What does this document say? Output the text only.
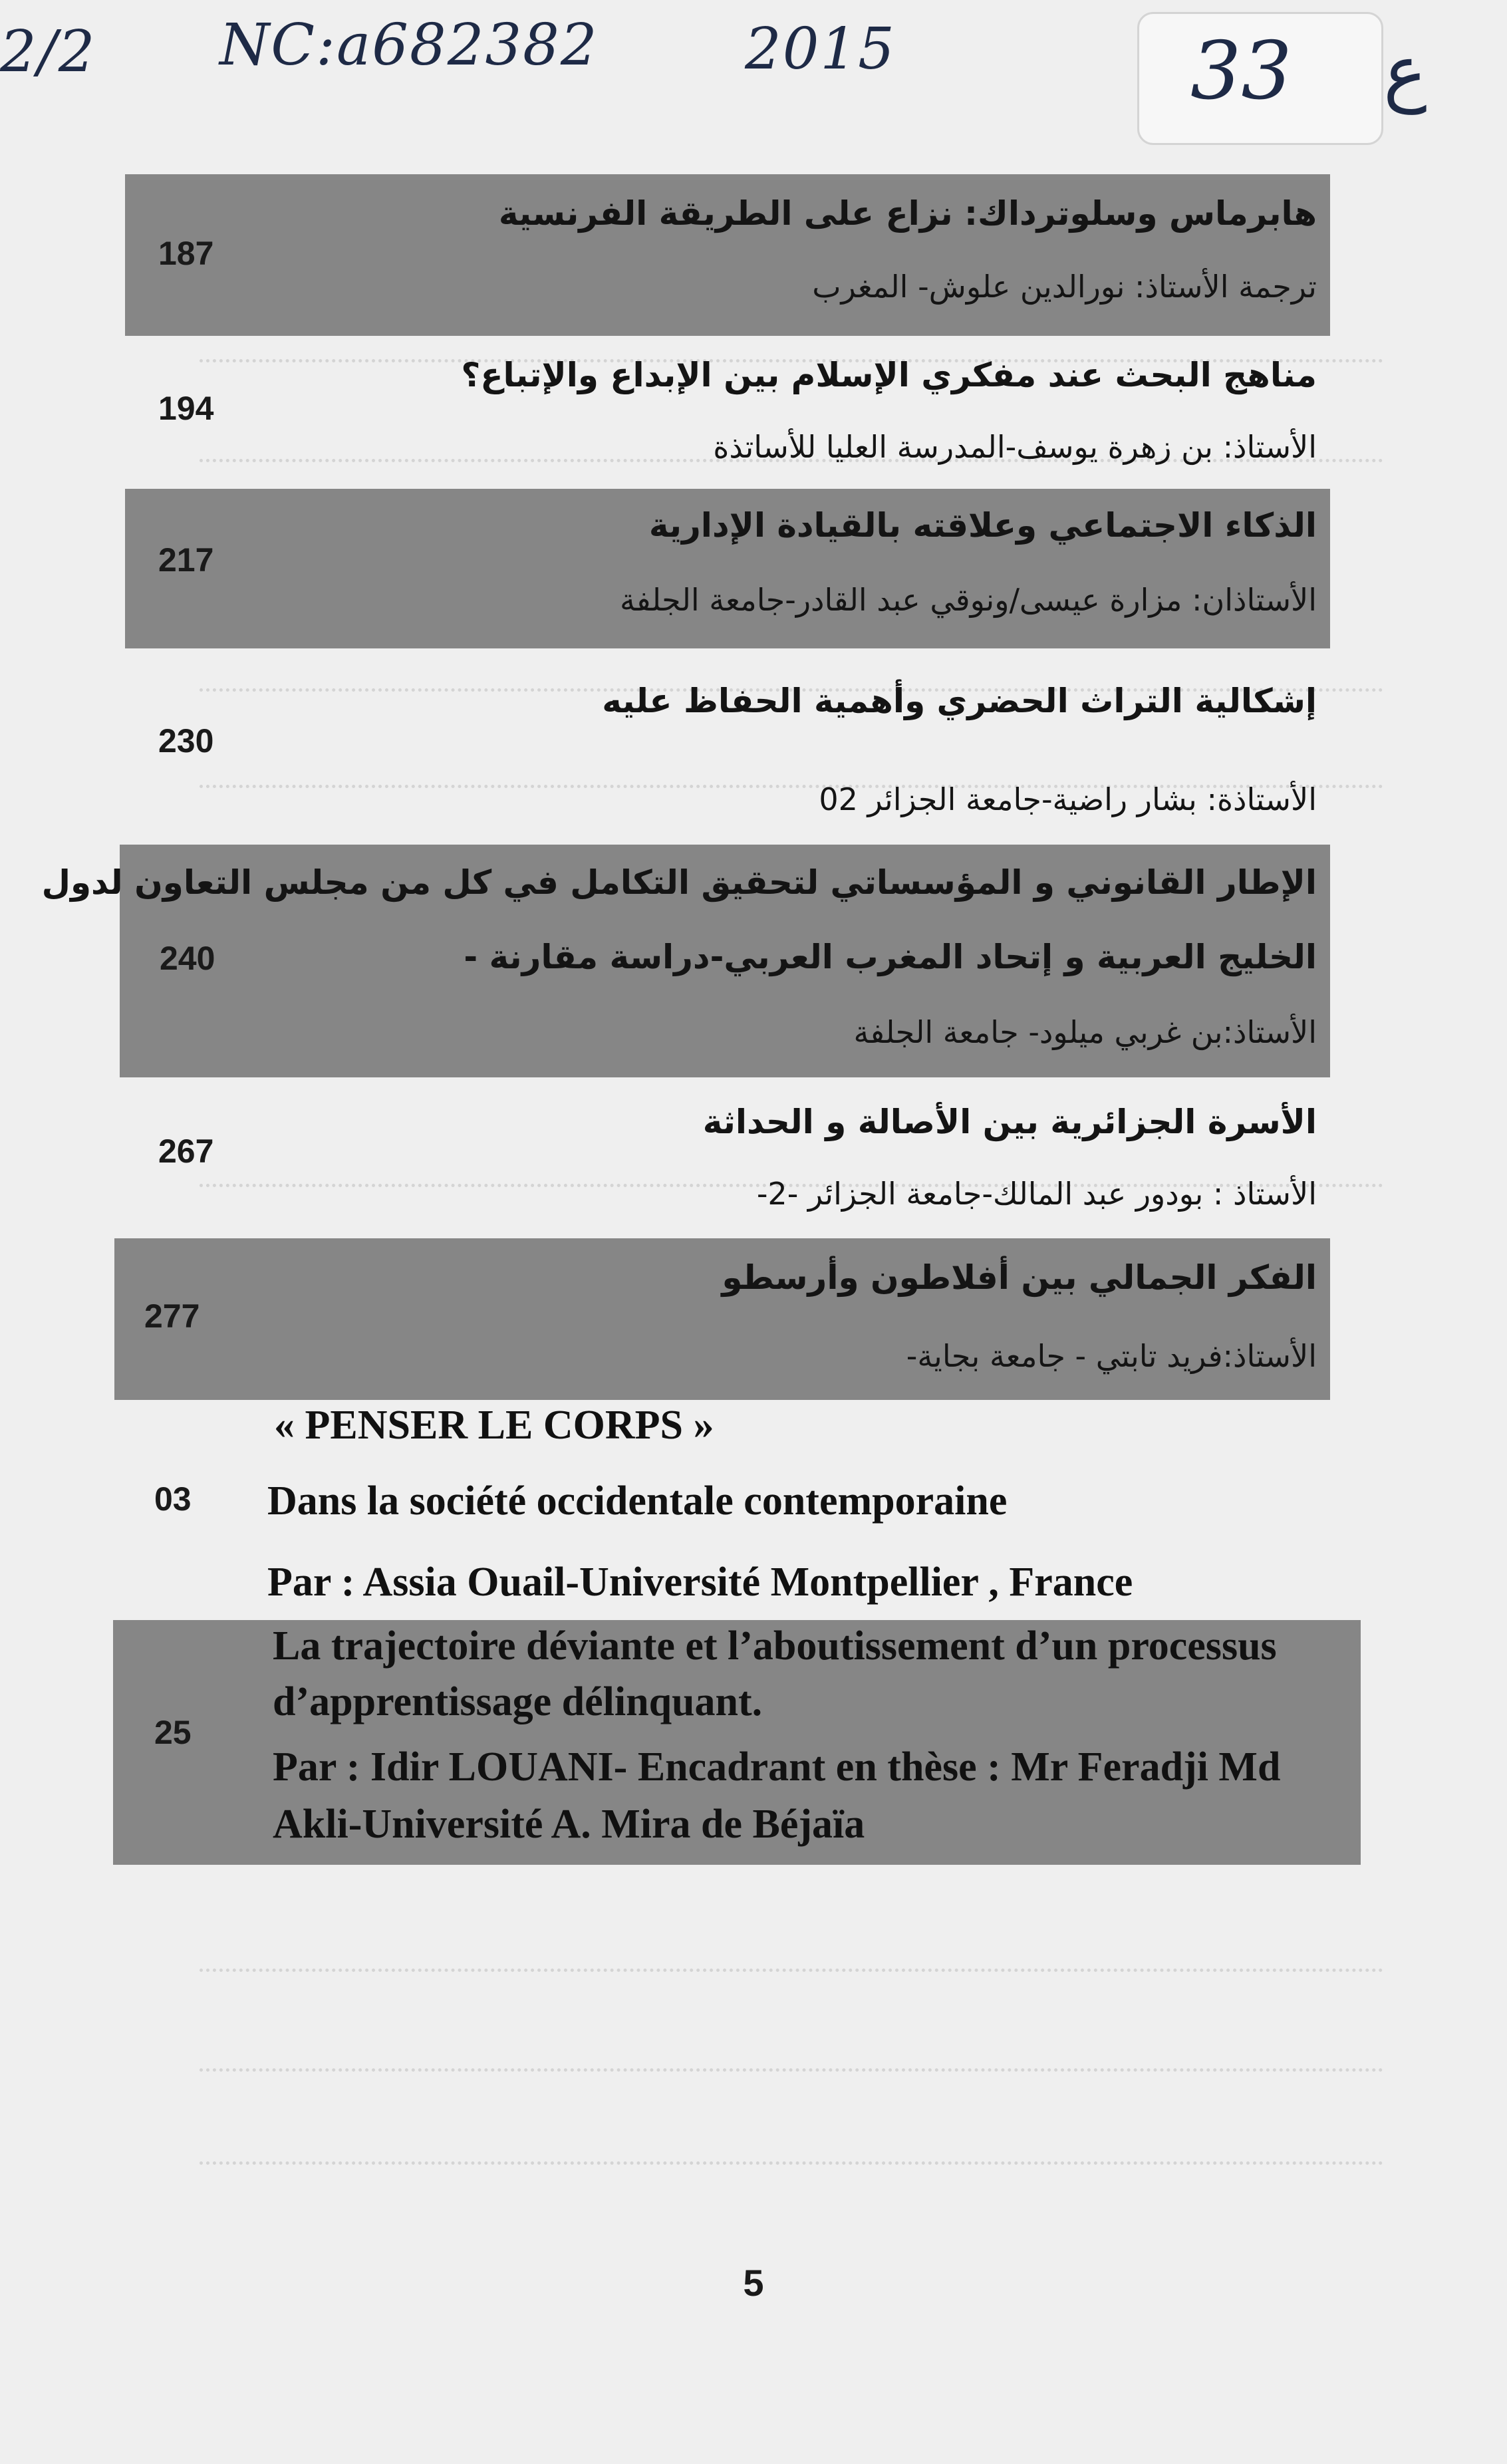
2/2 NC:a682382	2015	33 ع
هابرماس وسلوترداك: نزاع على الطريقة الفرنسية
ترجمة الأستاذ: نورالدين علوش- المغرب
187
مناهج البحث عند مفكري الإسلام بين الإبداع والإتباع؟
الأستاذ: بن زهرة يوسف-المدرسة العليا للأساتذة
194
الذكاء الاجتماعي وعلاقته بالقيادة الإدارية
الأستاذان: مزارة عيسى/ونوقي عبد القادر-جامعة الجلفة
217
إشكالية التراث الحضري وأهمية الحفاظ عليه
الأستاذة: بشار راضية-جامعة الجزائر 02
230
الإطار القانوني و المؤسساتي لتحقيق التكامل في كل من مجلس التعاون لدول
الخليج العربية و إتحاد المغرب العربي-دراسة مقارنة -
الأستاذ:بن غربي ميلود- جامعة الجلفة
240
الأسرة الجزائرية بين الأصالة و الحداثة
الأستاذ : بودور عبد المالك-جامعة الجزائر -2-
267
الفكر الجمالي بين أفلاطون وأرسطو
الأستاذ:فريد تابتي - جامعة بجاية-
277
« PENSER LE CORPS »
03 Dans la société occidentale contemporaine
Par : Assia Ouail-Université Montpellier , France
25
La trajectoire déviante et l’aboutissement d’un processus
d’apprentissage délinquant.
Par : Idir LOUANI- Encadrant en thèse : Mr Feradji Md
Akli-Université A. Mira de Béjaïa
5
